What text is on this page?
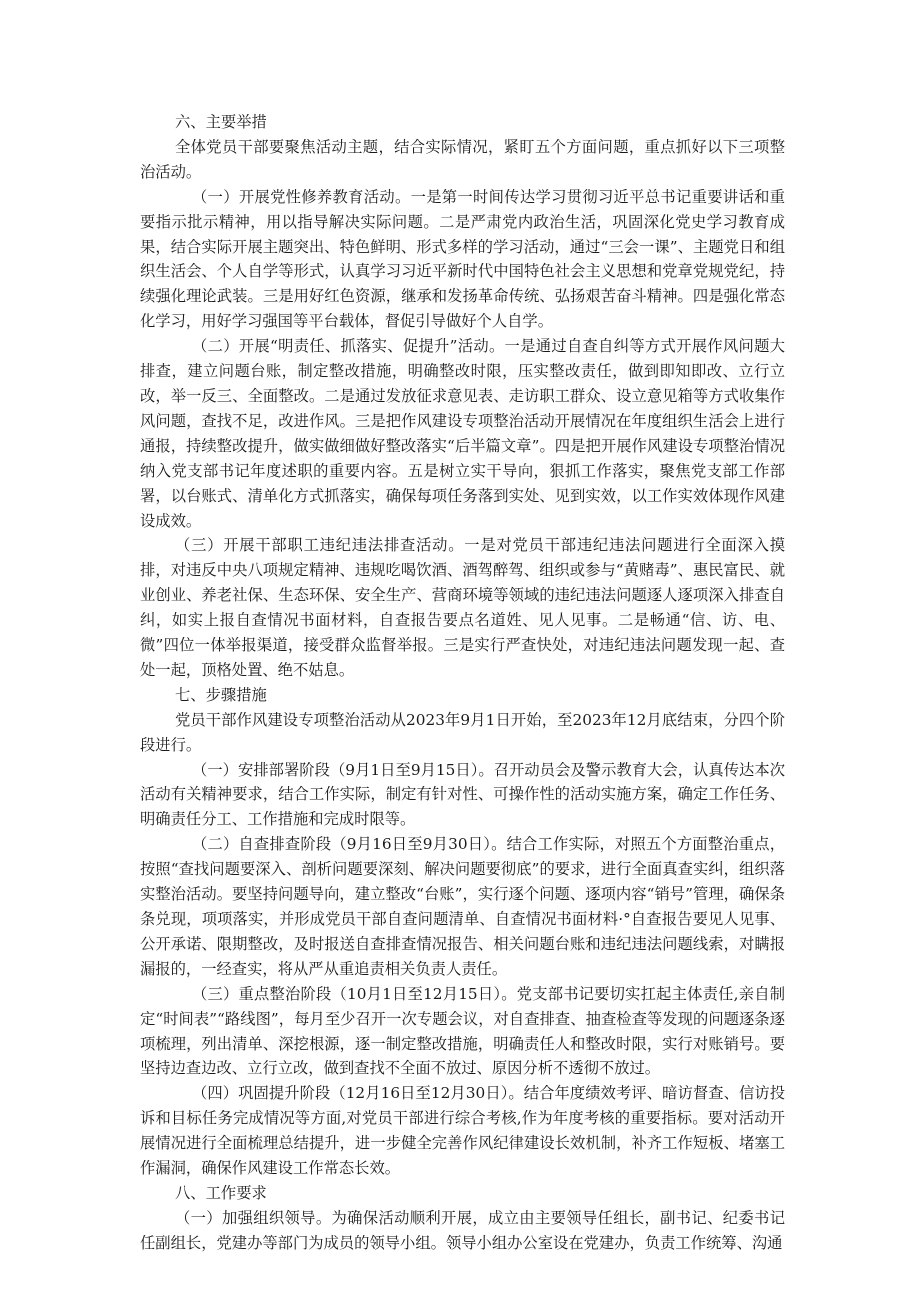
六、主要举措

全体党员干部要聚焦活动主题，结合实际情况，紧盯五个方面问题，重点抓好以下三项整治活动。

（一）开展党性修养教育活动。一是第一时间传达学习贯彻习近平总书记重要讲话和重要指示批示精神，用以指导解决实际问题。二是严肃党内政治生活，巩固深化党史学习教育成果，结合实际开展主题突出、特色鲜明、形式多样的学习活动，通过“三会一课”、主题党日和组织生活会、个人自学等形式，认真学习习近平新时代中国特色社会主义思想和党章党规党纪，持续强化理论武装。三是用好红色资源，继承和发扬革命传统、弘扬艰苦奋斗精神。四是强化常态化学习，用好学习强国等平台载体，督促引导做好个人自学。

（二）开展“明责任、抓落实、促提升”活动。一是通过自查自纠等方式开展作风问题大排查，建立问题台账，制定整改措施，明确整改时限，压实整改责任，做到即知即改、立行立改，举一反三、全面整改。二是通过发放征求意见表、走访职工群众、设立意见箱等方式收集作风问题，查找不足，改进作风。三是把作风建设专项整治活动开展情况在年度组织生活会上进行通报，持续整改提升，做实做细做好整改落实“后半篇文章”。四是把开展作风建设专项整治情况纳入党支部书记年度述职的重要内容。五是树立实干导向，狠抓工作落实，聚焦党支部工作部署，以台账式、清单化方式抓落实，确保每项任务落到实处、见到实效，以工作实效体现作风建设成效。

（三）开展干部职工违纪违法排查活动。一是对党员干部违纪违法问题进行全面深入摸排，对违反中央八项规定精神、违规吃喝饮酒、酒驾醉驾、组织或参与“黄赌毒”、惠民富民、就业创业、养老社保、生态环保、安全生产、营商环境等领域的违纪违法问题逐人逐项深入排查自纠，如实上报自查情况书面材料，自查报告要点名道姓、见人见事。二是畅通“信、访、电、微”四位一体举报渠道，接受群众监督举报。三是实行严查快处，对违纪违法问题发现一起、查处一起，顶格处置、绝不姑息。

七、步骤措施

党员干部作风建设专项整治活动从2023年9月1日开始，至2023年12月底结束，分四个阶段进行。

（一）安排部署阶段（9月1日至9月15日）。召开动员会及警示教育大会，认真传达本次活动有关精神要求，结合工作实际，制定有针对性、可操作性的活动实施方案，确定工作任务、明确责任分工、工作措施和完成时限等。

（二）自查排查阶段（9月16日至9月30日）。结合工作实际，对照五个方面整治重点，按照“查找问题要深入、剖析问题要深刻、解决问题要彻底”的要求，进行全面真查实纠，组织落实整治活动。要坚持问题导向，建立整改“台账”，实行逐个问题、逐项内容“销号”管理，确保条条兑现，项项落实，并形成党员干部自查问题清单、自查情况书面材料·°自查报告要见人见事、公开承诺、限期整改，及时报送自查排查情况报告、相关问题台账和违纪违法问题线索，对瞒报漏报的，一经查实，将从严从重追责相关负责人责任。

（三）重点整治阶段（10月1日至12月15日）。党支部书记要切实扛起主体责任,亲自制定“时间表”“路线图”，每月至少召开一次专题会议，对自查排查、抽查检查等发现的问题逐条逐项梳理，列出清单、深挖根源，逐一制定整改措施，明确责任人和整改时限，实行对账销号。要坚持边查边改、立行立改，做到查找不全面不放过、原因分析不透彻不放过。

（四）巩固提升阶段（12月16日至12月30日）。结合年度绩效考评、暗访督查、信访投诉和目标任务完成情况等方面,对党员干部进行综合考核,作为年度考核的重要指标。要对活动开展情况进行全面梳理总结提升，进一步健全完善作风纪律建设长效机制，补齐工作短板、堵塞工作漏洞，确保作风建设工作常态长效。

八、工作要求

（一）加强组织领导。为确保活动顺利开展，成立由主要领导任组长，副书记、纪委书记任副组长，党建办等部门为成员的领导小组。领导小组办公室设在党建办，负责工作统筹、沟通
